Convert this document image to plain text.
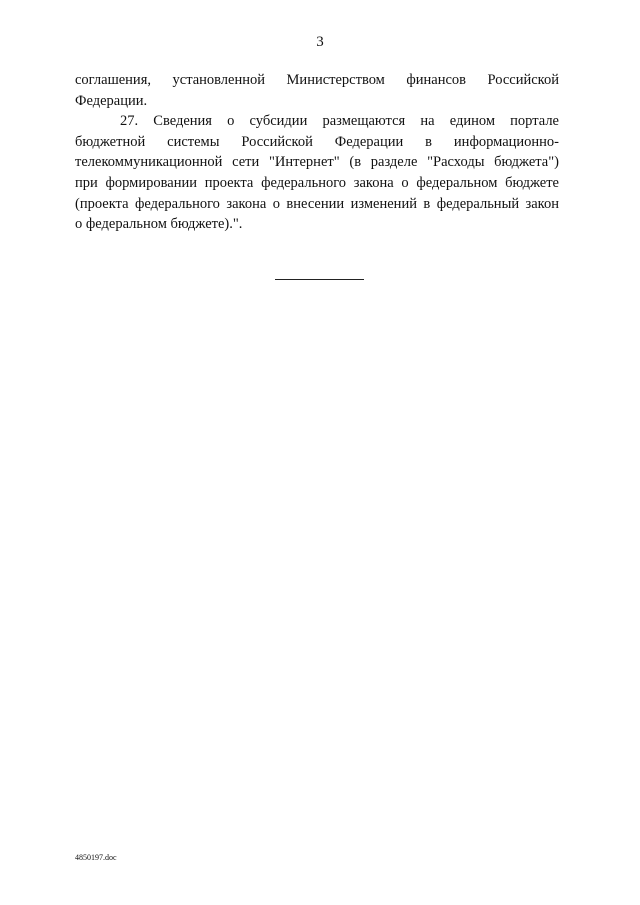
3
соглашения, установленной Министерством финансов Российской
Федерации.
27. Сведения о субсидии размещаются на едином портале
бюджетной системы Российской Федерации в информационно-
телекоммуникационной сети "Интернет" (в разделе "Расходы бюджета")
при формировании проекта федерального закона о федеральном бюджете
(проекта федерального закона о внесении изменений в федеральный закон
о федеральном бюджете).".
4850197.doc
